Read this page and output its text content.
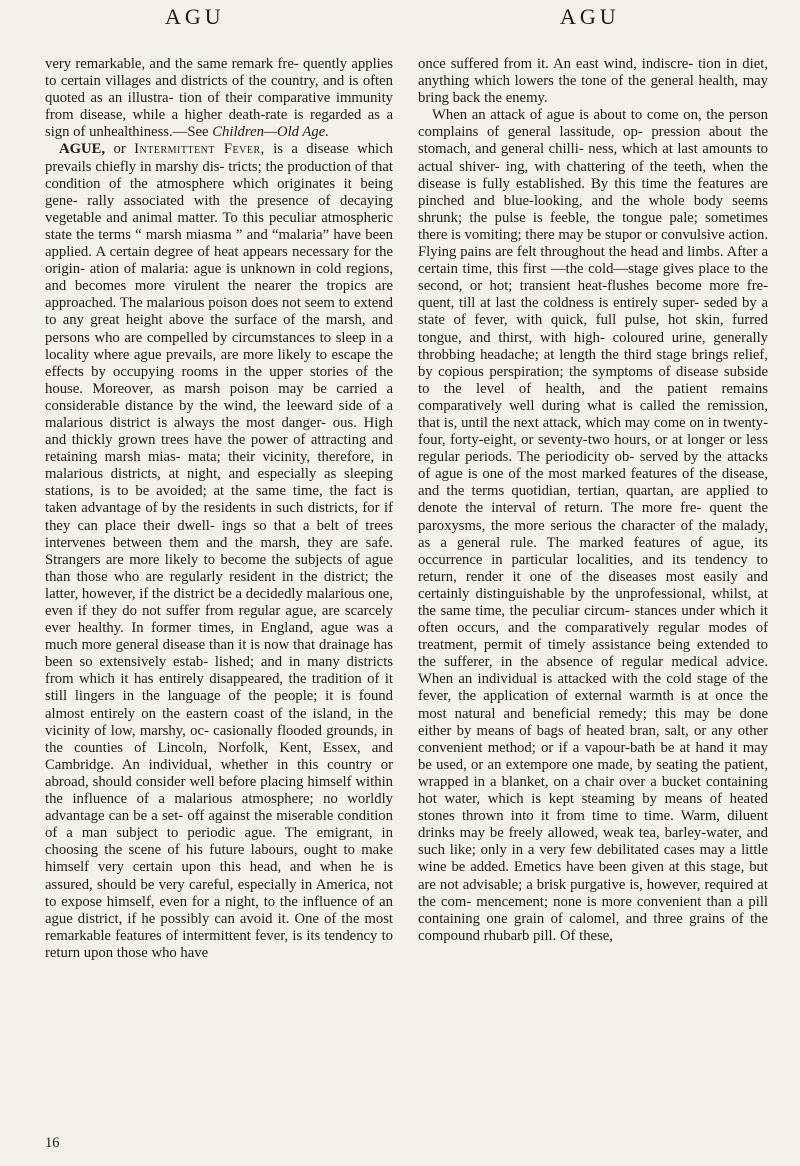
AGU	AGU

very remarkable, and the same remark fre- quently applies to certain villages and districts of the country, and is often quoted as an illustra- tion of their comparative immunity from disease, while a higher death-rate is regarded as a sign of unhealthiness.—See Children—Old Age.

AGUE, or Intermittent Fever, is a disease which prevails chiefly in marshy dis- tricts; the production of that condition of the atmosphere which originates it being gene- rally associated with the presence of decaying vegetable and animal matter. To this peculiar atmospheric state the terms “ marsh miasma ” and “malaria” have been applied. A certain degree of heat appears necessary for the origin- ation of malaria: ague is unknown in cold regions, and becomes more virulent the nearer the tropics are approached. The malarious poison does not seem to extend to any great height above the surface of the marsh, and persons who are compelled by circumstances to sleep in a locality where ague prevails, are more likely to escape the effects by occupying rooms in the upper stories of the house. Moreover, as marsh poison may be carried a considerable distance by the wind, the leeward side of a malarious district is always the most danger- ous. High and thickly grown trees have the power of attracting and retaining marsh mias- mata; their vicinity, therefore, in malarious districts, at night, and especially as sleeping stations, is to be avoided; at the same time, the fact is taken advantage of by the residents in such districts, for if they can place their dwell- ings so that a belt of trees intervenes between them and the marsh, they are safe. Strangers are more likely to become the subjects of ague than those who are regularly resident in the district; the latter, however, if the district be a decidedly malarious one, even if they do not suffer from regular ague, are scarcely ever healthy. In former times, in England, ague was a much more general disease than it is now that drainage has been so extensively estab- lished; and in many districts from which it has entirely disappeared, the tradition of it still lingers in the language of the people; it is found almost entirely on the eastern coast of the island, in the vicinity of low, marshy, oc- casionally flooded grounds, in the counties of Lincoln, Norfolk, Kent, Essex, and Cambridge. An individual, whether in this country or abroad, should consider well before placing himself within the influence of a malarious atmosphere; no worldly advantage can be a set- off against the miserable condition of a man subject to periodic ague. The emigrant, in choosing the scene of his future labours, ought to make himself very certain upon this head, and when he is assured, should be very careful, especially in America, not to expose himself, even for a night, to the influence of an ague district, if he possibly can avoid it. One of the most remarkable features of intermittent fever, is its tendency to return upon those who have

once suffered from it. An east wind, indiscre- tion in diet, anything which lowers the tone of the general health, may bring back the enemy.

When an attack of ague is about to come on, the person complains of general lassitude, op- pression about the stomach, and general chilli- ness, which at last amounts to actual shiver- ing, with chattering of the teeth, when the disease is fully established. By this time the features are pinched and blue-looking, and the whole body seems shrunk; the pulse is feeble, the tongue pale; sometimes there is vomiting; there may be stupor or convulsive action. Flying pains are felt throughout the head and limbs. After a certain time, this first —the cold—stage gives place to the second, or hot; transient heat-flushes become more fre- quent, till at last the coldness is entirely super- seded by a state of fever, with quick, full pulse, hot skin, furred tongue, and thirst, with high- coloured urine, generally throbbing headache; at length the third stage brings relief, by copious perspiration; the symptoms of disease subside to the level of health, and the patient remains comparatively well during what is called the remission, that is, until the next attack, which may come on in twenty-four, forty-eight, or seventy-two hours, or at longer or less regular periods. The periodicity ob- served by the attacks of ague is one of the most marked features of the disease, and the terms quotidian, tertian, quartan, are applied to denote the interval of return. The more fre- quent the paroxysms, the more serious the character of the malady, as a general rule. The marked features of ague, its occurrence in particular localities, and its tendency to return, render it one of the diseases most easily and certainly distinguishable by the unprofessional, whilst, at the same time, the peculiar circum- stances under which it often occurs, and the comparatively regular modes of treatment, permit of timely assistance being extended to the sufferer, in the absence of regular medical advice. When an individual is attacked with the cold stage of the fever, the application of external warmth is at once the most natural and beneficial remedy; this may be done either by means of bags of heated bran, salt, or any other convenient method; or if a vapour-bath be at hand it may be used, or an extempore one made, by seating the patient, wrapped in a blanket, on a chair over a bucket containing hot water, which is kept steaming by means of heated stones thrown into it from time to time. Warm, diluent drinks may be freely allowed, weak tea, barley-water, and such like; only in a very few debilitated cases may a little wine be added. Emetics have been given at this stage, but are not advisable; a brisk purgative is, however, required at the com- mencement; none is more convenient than a pill containing one grain of calomel, and three grains of the compound rhubarb pill. Of these,

16
